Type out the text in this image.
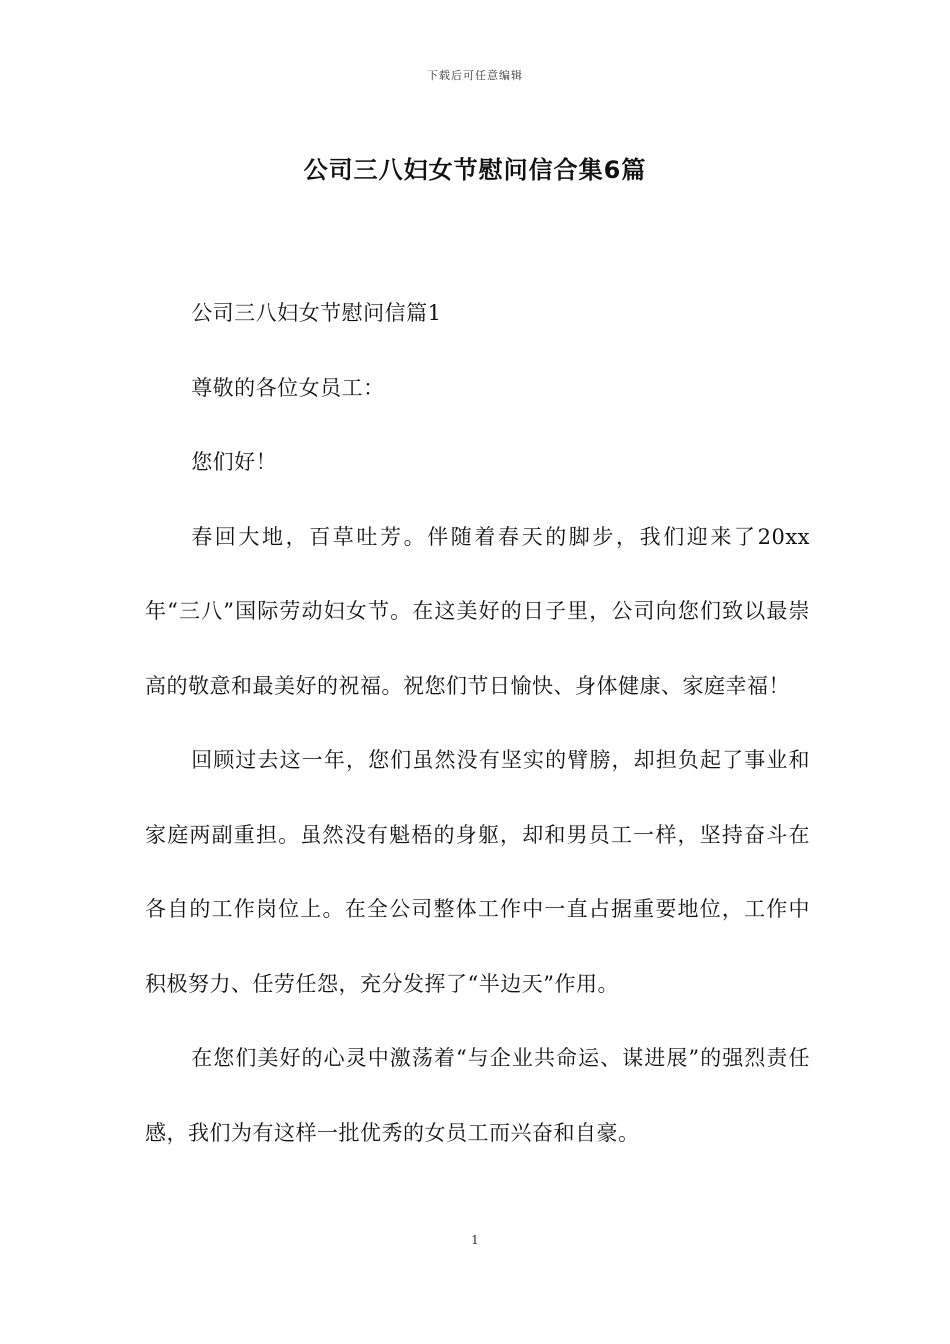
下载后可任意编辑
公司三八妇女节慰问信合集6篇

公司三八妇女节慰问信篇1

尊敬的各位女员工：

您们好！

春回大地，百草吐芳。伴随着春天的脚步，我们迎来了20xx年“三八”国际劳动妇女节。在这美好的日子里，公司向您们致以最崇高的敬意和最美好的祝福。祝您们节日愉快、身体健康、家庭幸福！

回顾过去这一年，您们虽然没有坚实的臂膀，却担负起了事业和家庭两副重担。虽然没有魁梧的身躯，却和男员工一样，坚持奋斗在各自的工作岗位上。在全公司整体工作中一直占据重要地位，工作中积极努力、任劳任怨，充分发挥了“半边天”作用。

在您们美好的心灵中激荡着“与企业共命运、谋进展”的强烈责任感，我们为有这样一批优秀的女员工而兴奋和自豪。

1
